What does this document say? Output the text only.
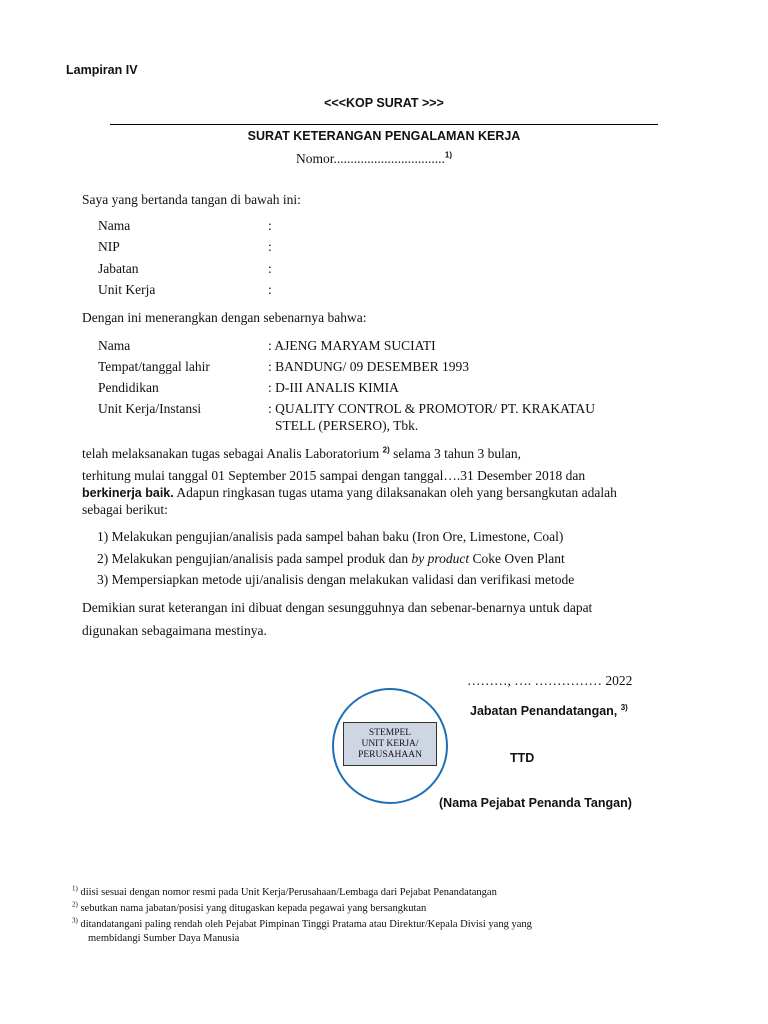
Lampiran IV
<<<KOP SURAT >>>
SURAT KETERANGAN PENGALAMAN KERJA
Nomor.................................$^{1)}$
Saya yang bertanda tangan di bawah ini:
Nama	:
NIP	:
Jabatan	:
Unit Kerja	:
Dengan ini menerangkan dengan sebenarnya bahwa:
Nama	: AJENG MARYAM SUCIATI
Tempat/tanggal lahir	: BANDUNG/ 09 DESEMBER 1993
Pendidikan	: D-III ANALIS KIMIA
Unit Kerja/Instansi	: QUALITY CONTROL & PROMOTOR/ PT. KRAKATAU
STELL (PERSERO), Tbk.
telah melaksanakan tugas sebagai Analis Laboratorium $^{2)}$ selama 3 tahun 3 bulan,
terhitung mulai tanggal 01 September 2015 sampai dengan tanggal….31 Desember 2018 dan
berkinerja baik. Adapun ringkasan tugas utama yang dilaksanakan oleh yang bersangkutan adalah
sebagai berikut:
1) Melakukan pengujian/analisis pada sampel bahan baku (Iron Ore, Limestone, Coal)
2) Melakukan pengujian/analisis pada sampel produk dan by product Coke Oven Plant
3) Mempersiapkan metode uji/analisis dengan melakukan validasi dan verifikasi metode
Demikian surat keterangan ini dibuat dengan sesungguhnya dan sebenar-benarnya untuk dapat
digunakan sebagaimana mestinya.
………, …. …………… 2022
Jabatan Penandatangan, $^{3)}$
STEMPEL
UNIT KERJA/
PERUSAHAAN	TTD
(Nama Pejabat Penanda Tangan)
$^{1)}$ diisi sesuai dengan nomor resmi pada Unit Kerja/Perusahaan/Lembaga dari Pejabat Penandatangan
$^{2)}$ sebutkan nama jabatan/posisi yang ditugaskan kepada pegawai yang bersangkutan
$^{3)}$ ditandatangani paling rendah oleh Pejabat Pimpinan Tinggi Pratama atau Direktur/Kepala Divisi yang yang
membidangi Sumber Daya Manusia
